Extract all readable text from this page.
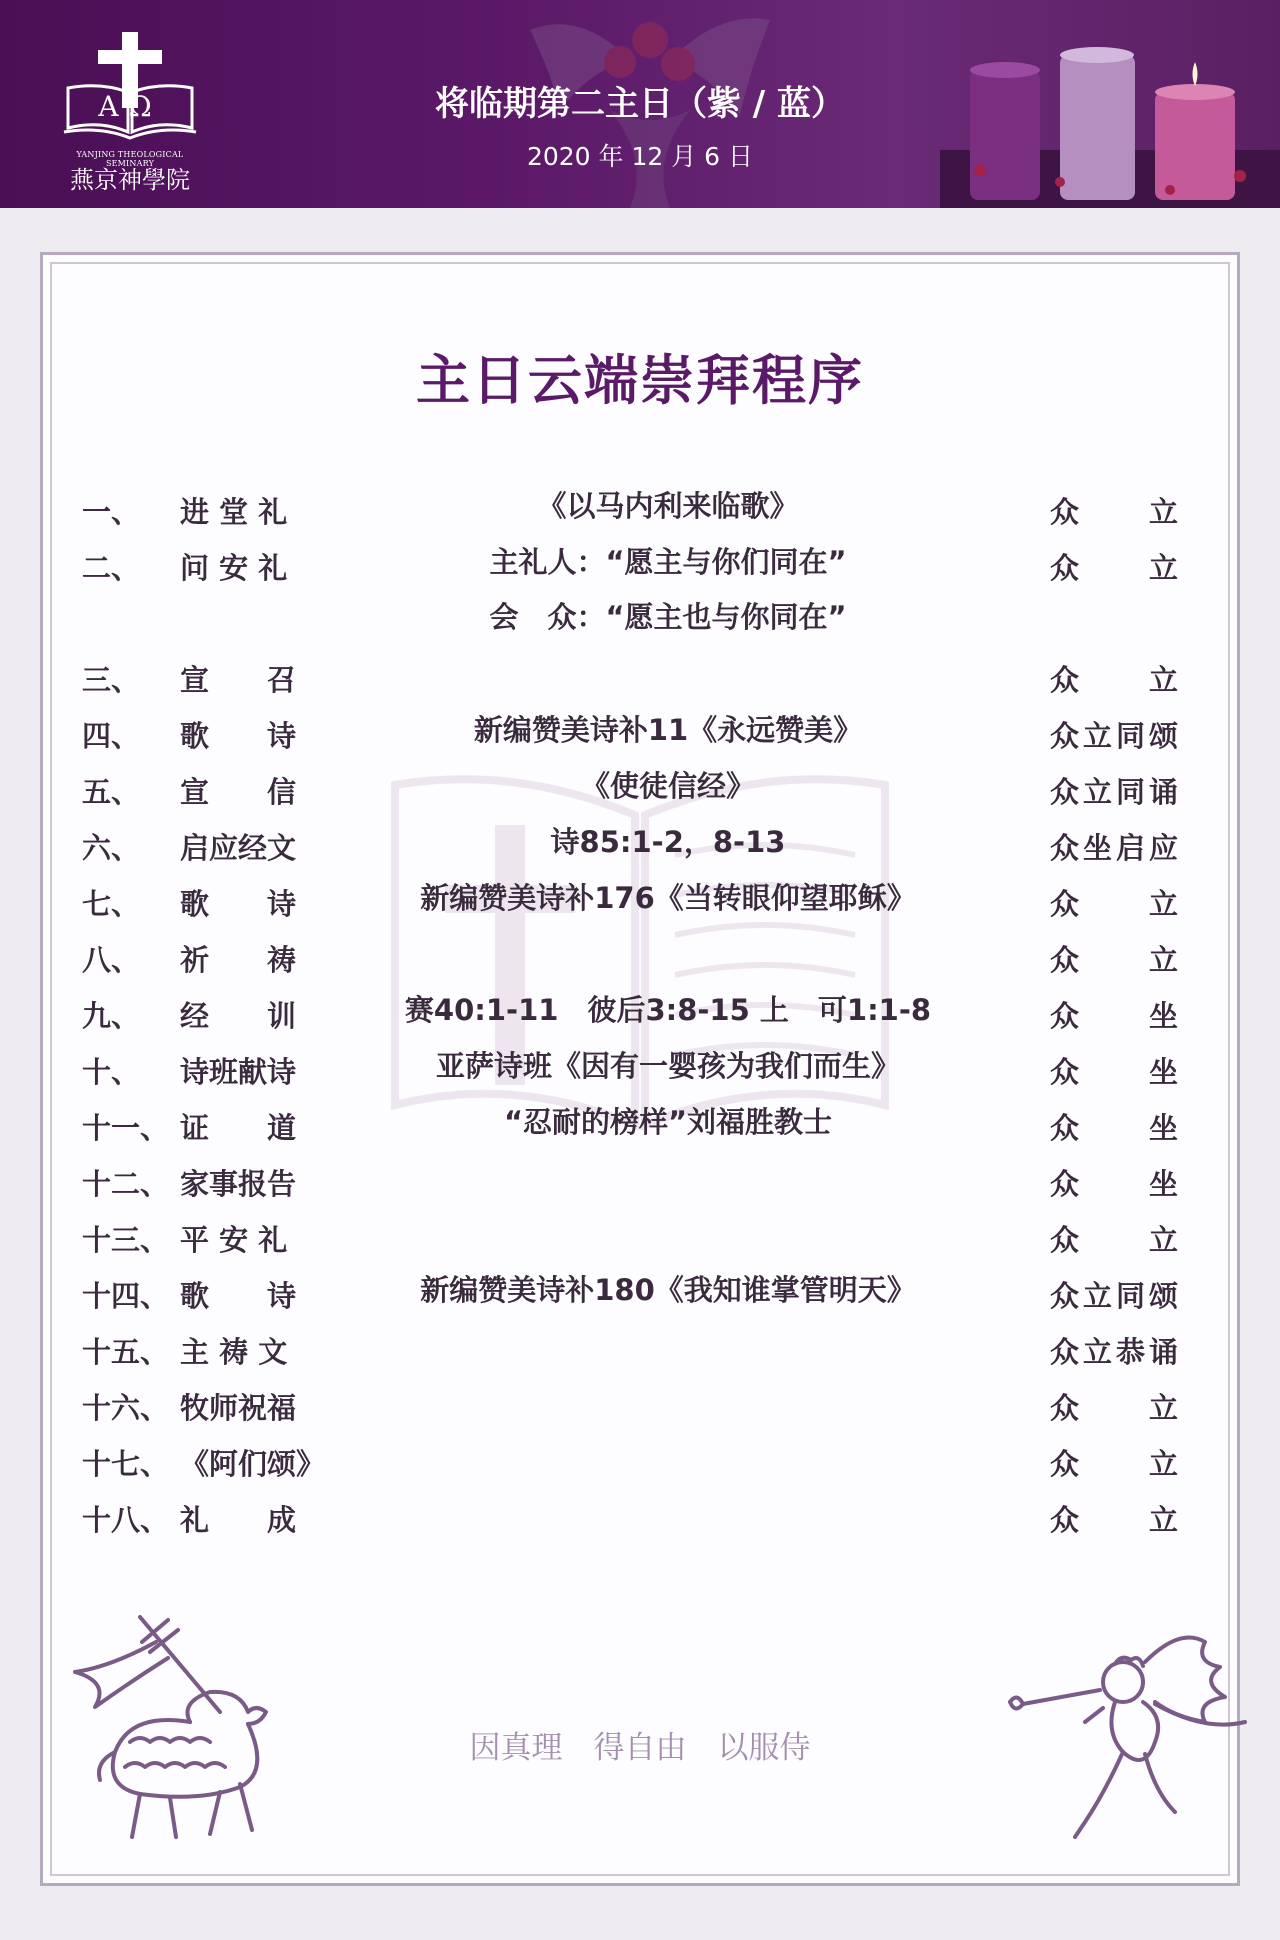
AΩ
YANJING THEOLOGICAL SEMINARY
燕京神學院
将临期第二主日（紫 / 蓝）
2020 年 12 月 6 日
主日云端崇拜程序
一、 进 堂 礼	《以马内利来临歌》	众立
二、 问 安 礼	主礼人：“愿主与你们同在”	众立
会　众：“愿主也与你同在”
三、 宣　　召	众立
四、 歌　　诗	新编赞美诗补11《永远赞美》	众立同颂
五、 宣　　信	《使徒信经》	众立同诵
六、 启应经文	诗85:1-2，8-13	众坐启应
七、 歌　　诗	新编赞美诗补176《当转眼仰望耶稣》	众立
八、 祈　　祷	众立
九、 经　　训	赛40:1-11　彼后3:8-15 上　可1:1-8	众坐
十、 诗班献诗	亚萨诗班《因有一婴孩为我们而生》	众坐
十一、 证　　道	“忍耐的榜样”刘福胜教士	众坐
十二、 家事报告	众坐
十三、 平 安 礼	众立
十四、 歌　　诗	新编赞美诗补180《我知谁掌管明天》	众立同颂
十五、 主 祷 文	众立恭诵
十六、 牧师祝福	众立
十七、 《阿们颂》	众立
十八、 礼　　成	众立
因真理　得自由　以服侍
